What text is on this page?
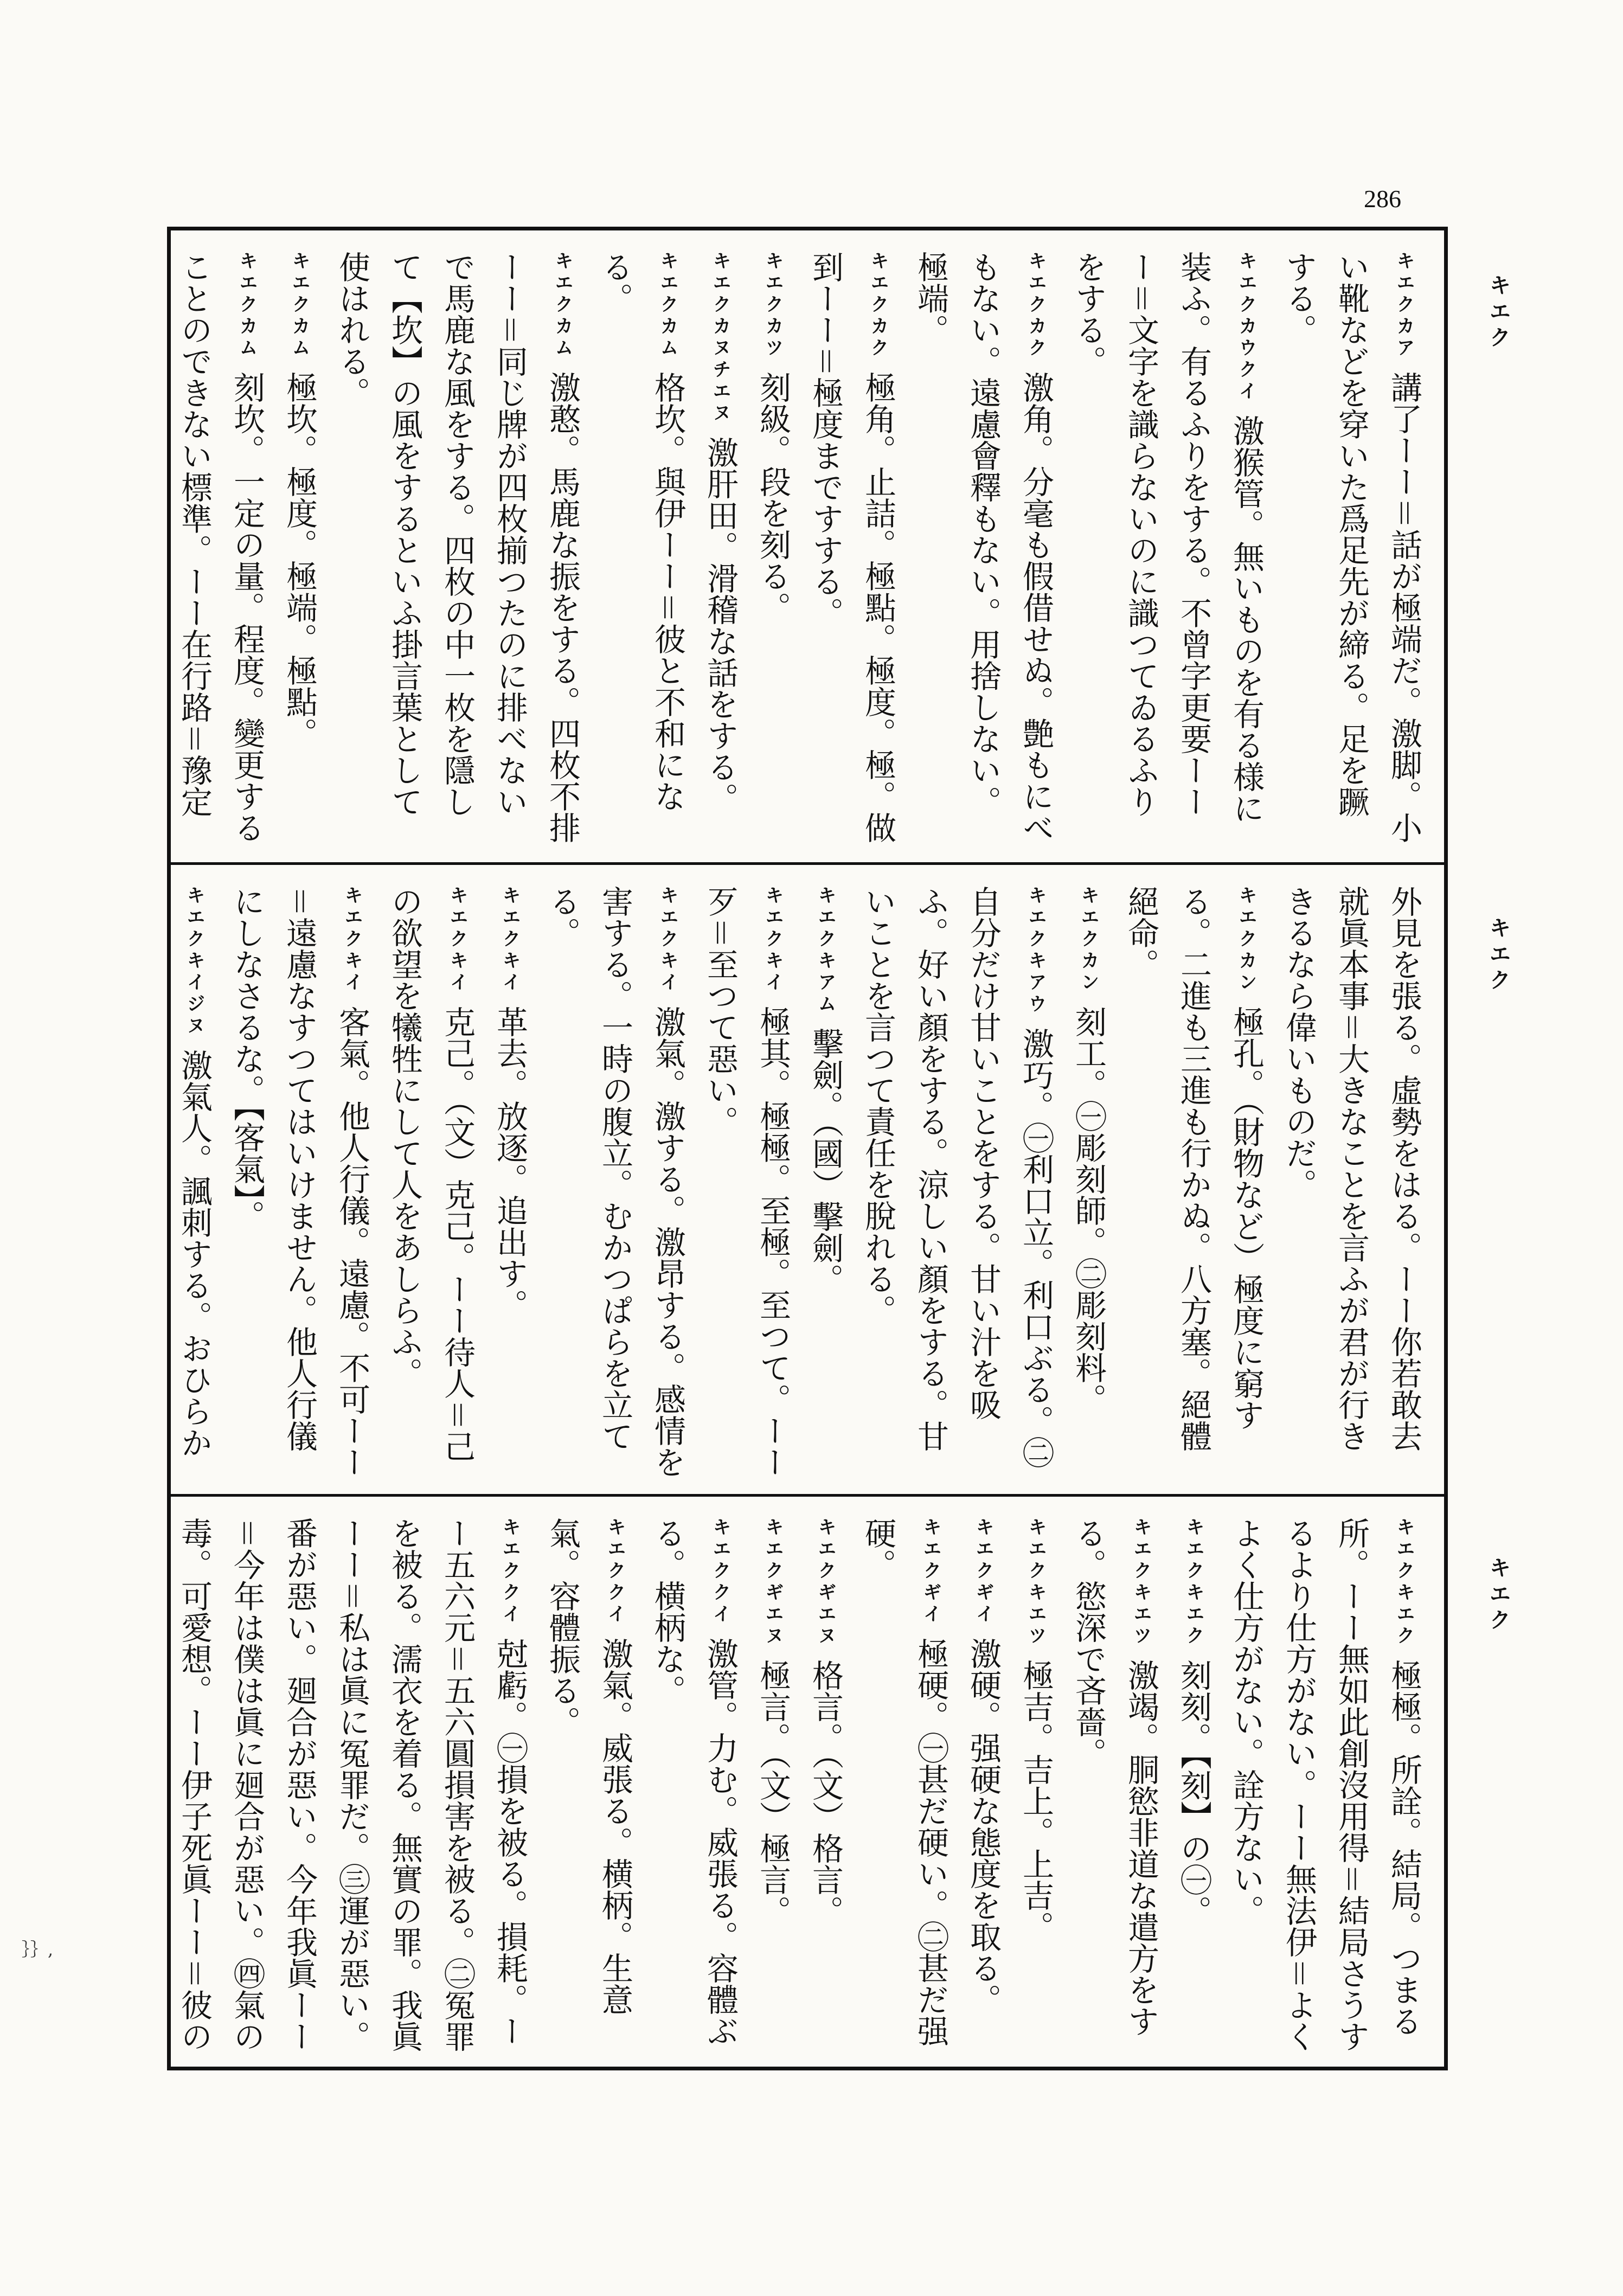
286
キエク
キエク
キエク

キエクカア講了ーー＝話が極端だ。激脚。小い靴などを穿いた爲足先が締る。足を蹶する。

キエクカウクイ激猴管。無いものを有る様に装ふ。有るふりをする。不曾字更要ーーー＝文字を識らないのに識つてゐるふりをする。

キエクカク激角。分毫も假借せぬ。艶もにべもない。遠慮會釋もない。用捨しない。極端。

キエクカク極角。止詰。極點。極度。極。做到ーー＝極度まですする。

キエクカツ刻級。段を刻る。

キエクカヌチエヌ激肝田。滑稽な話をする。

キエクカム格坎。與伊ーー＝彼と不和になる。

キエクカム激憨。馬鹿な振をする。四枚不排ーー＝同じ牌が四枚揃つたのに排べないで馬鹿な風をする。四枚の中一枚を隱して【坎】の風をするといふ掛言葉として使はれる。

キエクカム極坎。極度。極端。極點。

キエクカム刻坎。一定の量。程度。變更することのできない標準。ーー在行路＝豫定

外見を張る。虛勢をはる。ーー你若敢去就眞本事＝大きなことを言ふが君が行ききるなら偉いものだ。

キエクカン極孔。（財物など）極度に窮する。二進も三進も行かぬ。八方塞。絕體絕命。

キエクカン刻工。㊀彫刻師。㊁彫刻料。

キエクキアウ激巧。㊀利口立。利口ぶる。㊁自分だけ甘いことをする。甘い汁を吸ふ。好い顏をする。涼しい顏をする。甘いことを言つて責任を脫れる。

キエクキアム擊劍。（國）擊劍。

キエクキイ極其。極極。至極。至つて。ーー歹＝至つて惡い。

キエクキイ激氣。激する。激昂する。感情を害する。一時の腹立。むかつぱらを立てる。

キエクキイ革去。放逐。追出す。

キエクキイ克己。（文）克己。ーー待人＝己の欲望を犧牲にして人をあしらふ。

キエクキイ客氣。他人行儀。遠慮。不可ーー＝遠慮なすつてはいけません。他人行儀にしなさるな。【客氣】。

キエクキイジヌ激氣人。諷刺する。おひらか

キエクキエク極極。所詮。結局。つまる所。ーー無如此創沒用得＝結局さうするより仕方がない。ーー無法伊＝よくよく仕方がない。詮方ない。

キエクキエク刻刻。【刻】の㊀。

キエクキエツ激竭。胴慾非道な遣方をする。慾深で吝嗇。

キエクキエツ極吉。吉上。上吉。

キエクギイ激硬。强硬な態度を取る。

キエクギイ極硬。㊀甚だ硬い。㊁甚だ强硬。

キエクギエヌ格言。（文）格言。

キエクギエヌ極言。（文）極言。

キエククイ激管。力む。威張る。容體ぶる。横柄な。

キエククイ激氣。威張る。横柄。生意氣。容體振る。

キエククイ尅虧。㊀損を被る。損耗。ーー五六元＝五六圓損害を被る。㊁冤罪を被る。濡衣を着る。無實の罪。我眞ーー＝私は眞に冤罪だ。㊂運が惡い。番が惡い。廻合が惡い。今年我眞ーー＝今年は僕は眞に廻合が惡い。㊃氣の毒。可愛想。ーー伊子死眞ーー＝彼の

｝｝,
